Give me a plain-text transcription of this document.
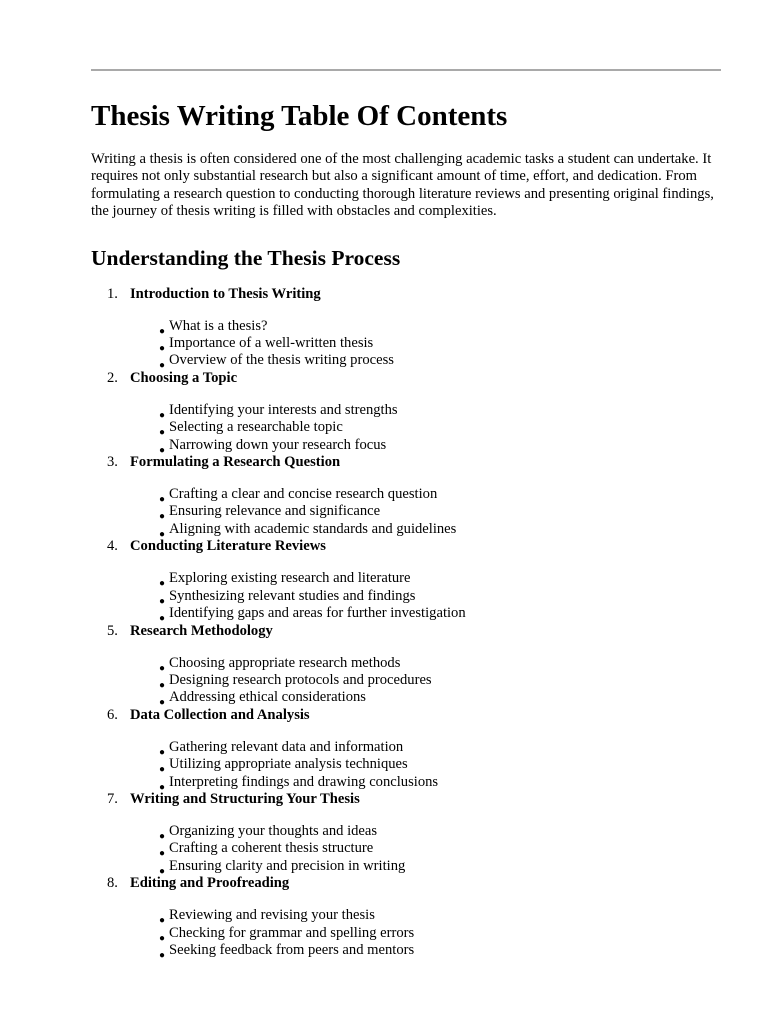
Thesis Writing Table Of Contents

Writing a thesis is often considered one of the most challenging academic tasks a student can undertake. It requires not only substantial research but also a significant amount of time, effort, and dedication. From formulating a research question to conducting thorough literature reviews and presenting original findings, the journey of thesis writing is filled with obstacles and complexities.

Understanding the Thesis Process
1. Introduction to Thesis Writing
● What is a thesis?
● Importance of a well-written thesis
● Overview of the thesis writing process
2. Choosing a Topic
● Identifying your interests and strengths
● Selecting a researchable topic
● Narrowing down your research focus
3. Formulating a Research Question
● Crafting a clear and concise research question
● Ensuring relevance and significance
● Aligning with academic standards and guidelines
4. Conducting Literature Reviews
● Exploring existing research and literature
● Synthesizing relevant studies and findings
● Identifying gaps and areas for further investigation
5. Research Methodology
● Choosing appropriate research methods
● Designing research protocols and procedures
● Addressing ethical considerations
6. Data Collection and Analysis
● Gathering relevant data and information
● Utilizing appropriate analysis techniques
● Interpreting findings and drawing conclusions
7. Writing and Structuring Your Thesis
● Organizing your thoughts and ideas
● Crafting a coherent thesis structure
● Ensuring clarity and precision in writing
8. Editing and Proofreading
● Reviewing and revising your thesis
● Checking for grammar and spelling errors
● Seeking feedback from peers and mentors
